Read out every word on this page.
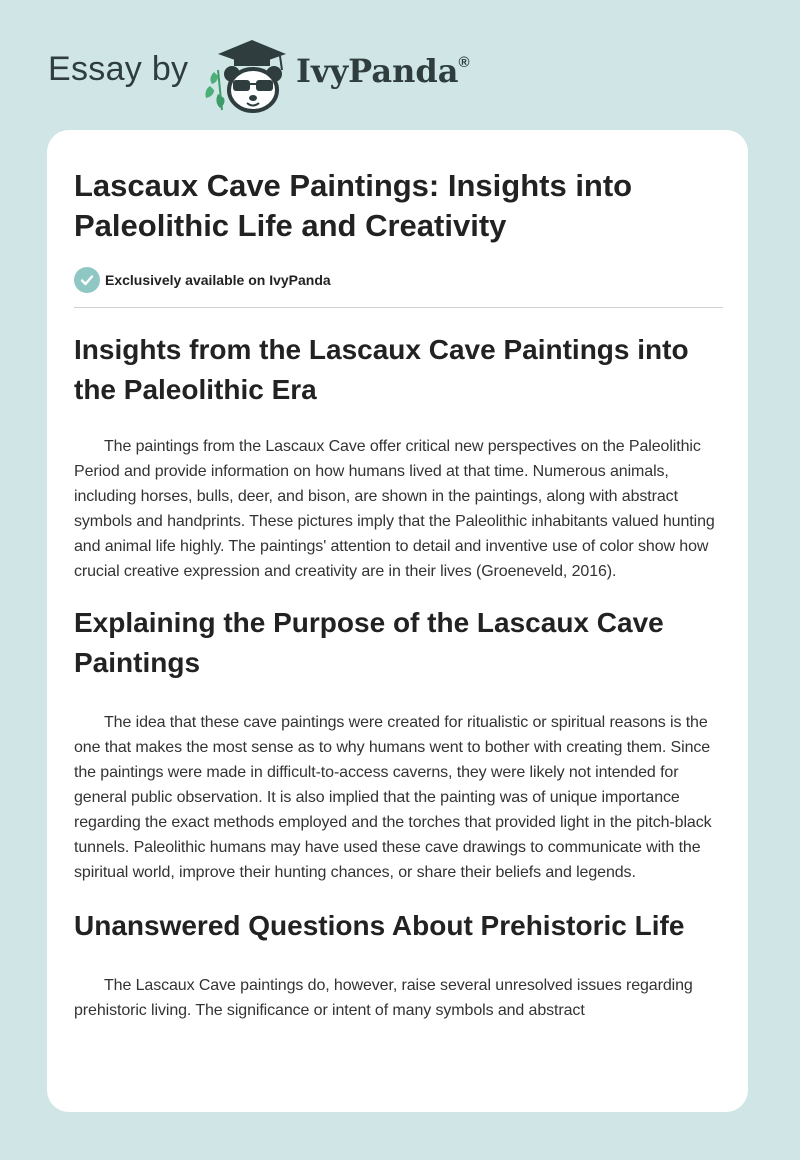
Essay by	IvyPanda®
Lascaux Cave Paintings: Insights into Paleolithic Life and Creativity
Exclusively available on IvyPanda
Insights from the Lascaux Cave Paintings into the Paleolithic Era

The paintings from the Lascaux Cave offer critical new perspectives on the Paleolithic Period and provide information on how humans lived at that time. Numerous animals, including horses, bulls, deer, and bison, are shown in the paintings, along with abstract symbols and handprints. These pictures imply that the Paleolithic inhabitants valued hunting and animal life highly. The paintings' attention to detail and inventive use of color show how crucial creative expression and creativity are in their lives (Groeneveld, 2016).

Explaining the Purpose of the Lascaux Cave Paintings

The idea that these cave paintings were created for ritualistic or spiritual reasons is the one that makes the most sense as to why humans went to bother with creating them. Since the paintings were made in difficult-to-access caverns, they were likely not intended for general public observation. It is also implied that the painting was of unique importance regarding the exact methods employed and the torches that provided light in the pitch-black tunnels. Paleolithic humans may have used these cave drawings to communicate with the spiritual world, improve their hunting chances, or share their beliefs and legends.

Unanswered Questions About Prehistoric Life

The Lascaux Cave paintings do, however, raise several unresolved issues regarding prehistoric living. The significance or intent of many symbols and abstract
